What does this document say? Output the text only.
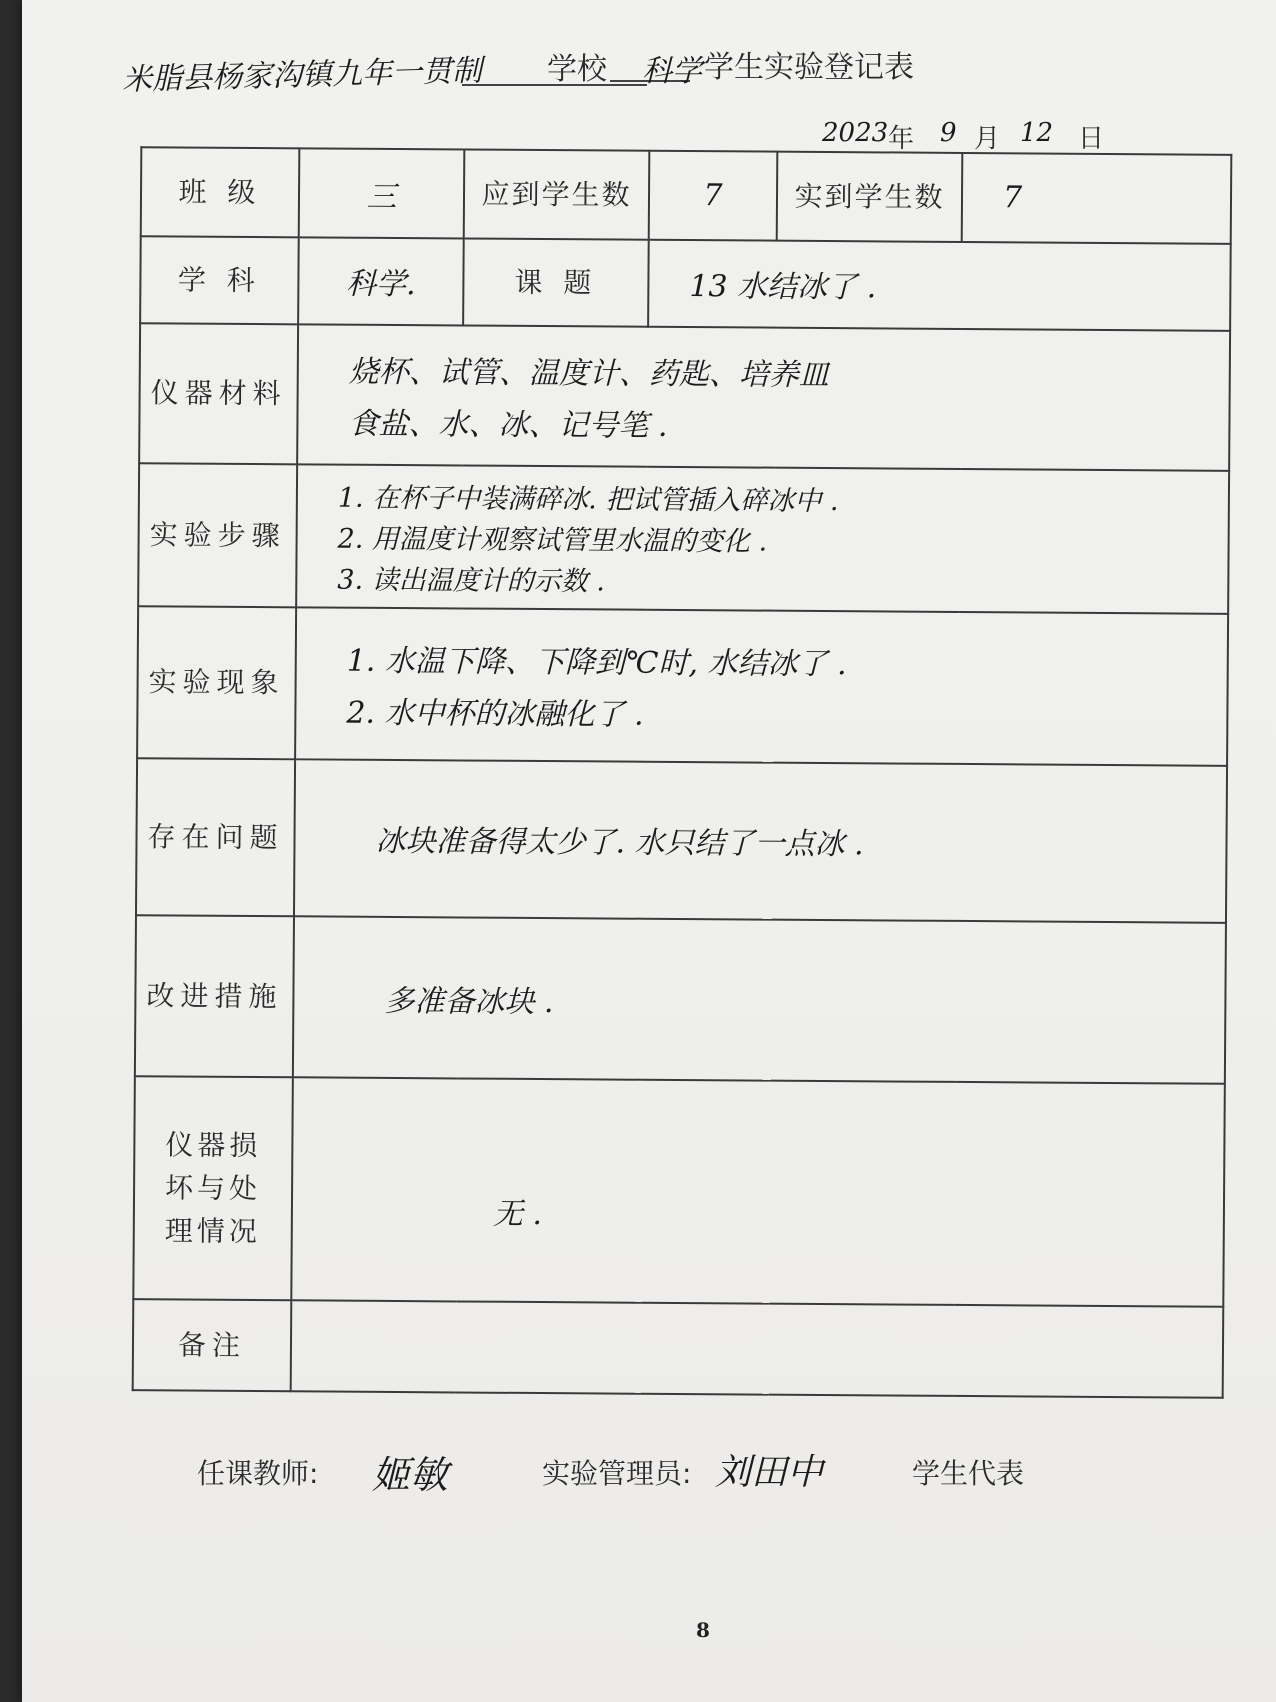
米脂县杨家沟镇九年一贯制 学校 科学 学生实验登记表
2023 年 9 月 12 日
班 级	三	应到学生数	7	实到学生数	7
学 科	科学.	课 题	13 水结冰了 .		
仪器材料	烧杯、试管、温度计、药匙、培养皿
食盐、水、冰、记号笔 .				

实验步骤	1. 在杯子中装满碎冰. 把试管插入碎冰中 .
2. 用温度计观察试管里水温的变化 .
3. 读出温度计的示数 .				

实验现象	1. 水温下降、下降到℃时, 水结冰了 .
2. 水中杯的冰融化了 .				

存在问题	冰块准备得太少了. 水只结了一点冰 .				
改进措施	多准备冰块 .				
仪器损坏与处理情况	无 .				
备注					
任课教师: 姬敏	实验管理员: 刘田中	学生代表
8
